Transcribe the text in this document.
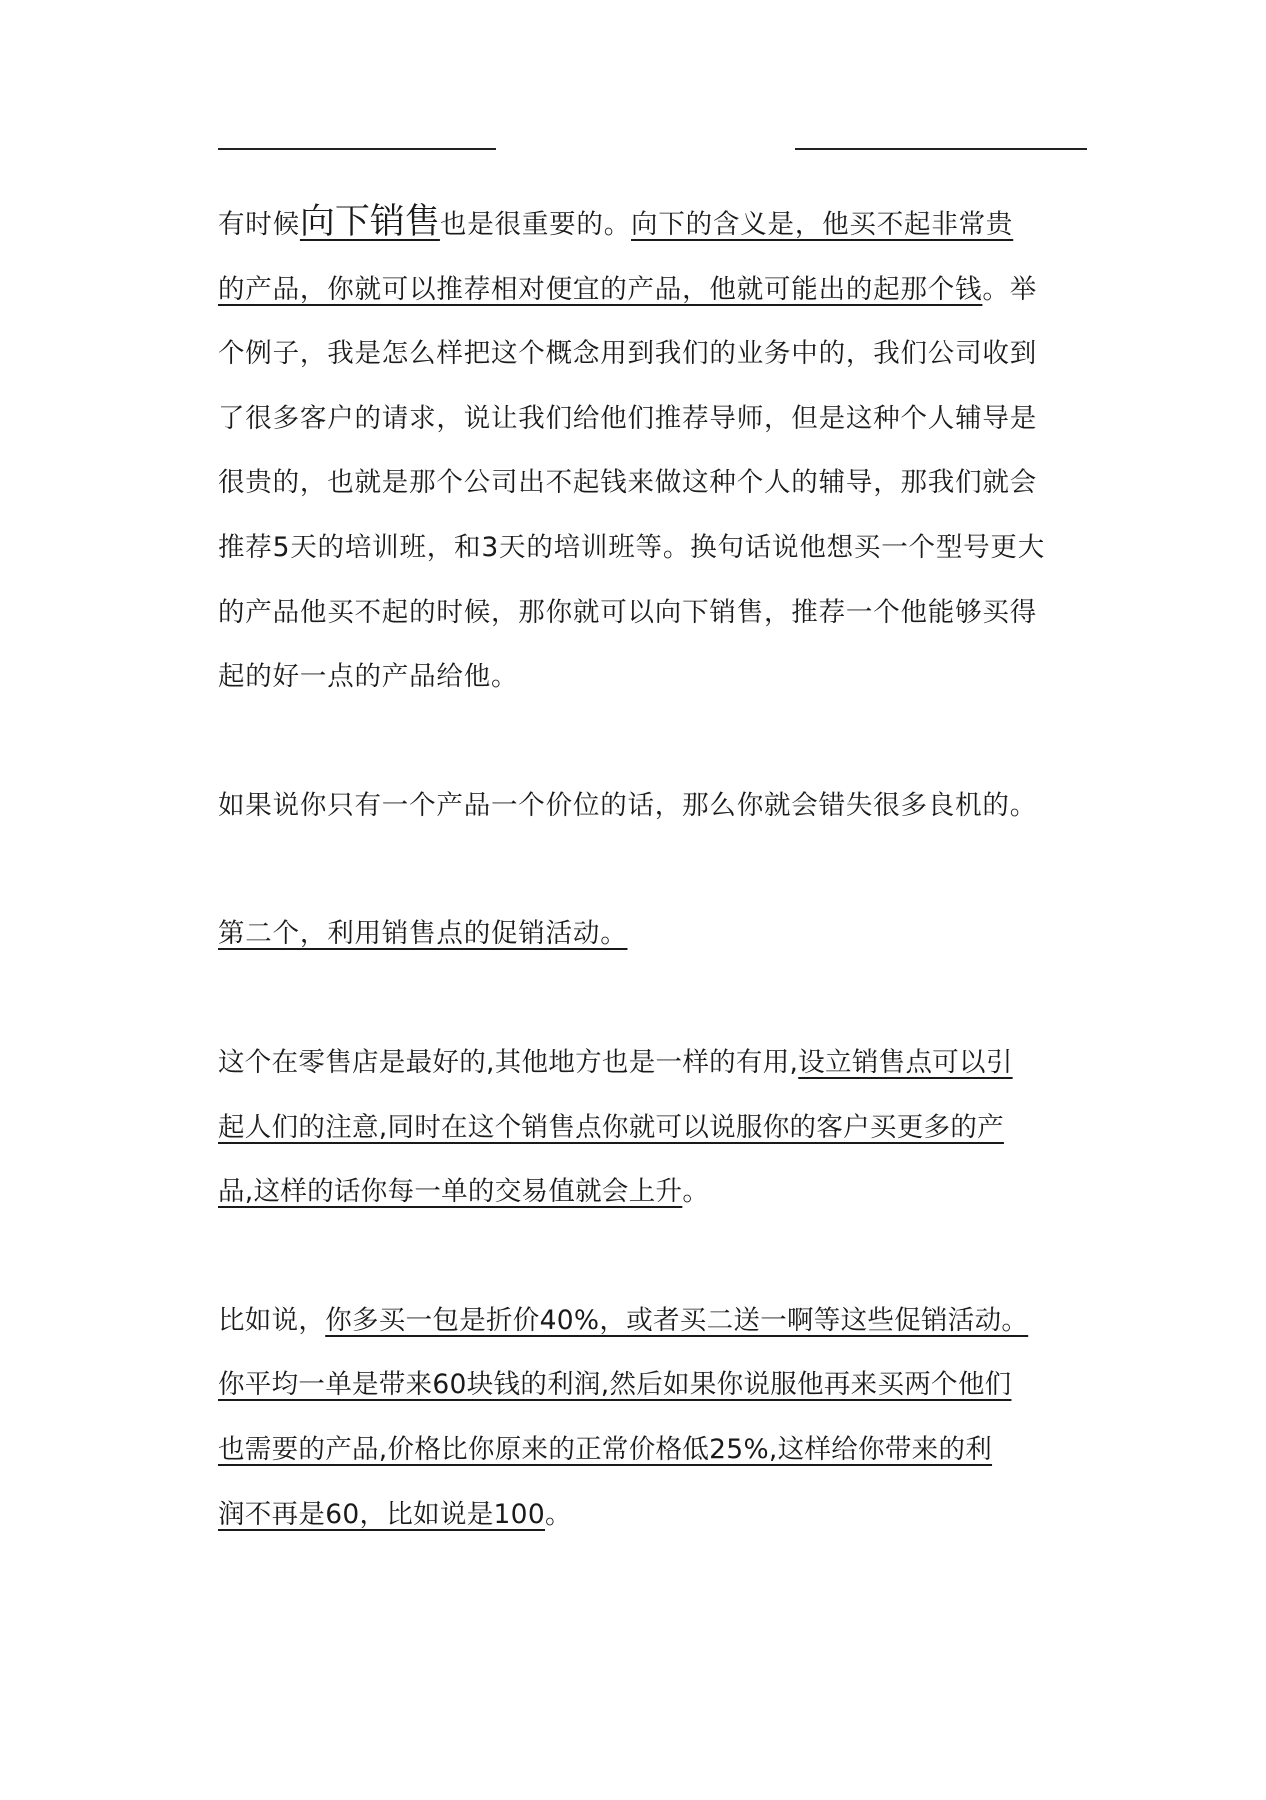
有时候向下销售也是很重要的。向下的含义是，他买不起非常贵
的产品，你就可以推荐相对便宜的产品，他就可能出的起那个钱。举
个例子，我是怎么样把这个概念用到我们的业务中的，我们公司收到
了很多客户的请求，说让我们给他们推荐导师，但是这种个人辅导是
很贵的，也就是那个公司出不起钱来做这种个人的辅导，那我们就会
推荐5天的培训班，和3天的培训班等。换句话说他想买一个型号更大
的产品他买不起的时候，那你就可以向下销售，推荐一个他能够买得
起的好一点的产品给他。

如果说你只有一个产品一个价位的话，那么你就会错失很多良机的。

第二个，利用销售点的促销活动。

这个在零售店是最好的,其他地方也是一样的有用,设立销售点可以引
起人们的注意,同时在这个销售点你就可以说服你的客户买更多的产
品,这样的话你每一单的交易值就会上升。

比如说，你多买一包是折价40%，或者买二送一啊等这些促销活动。
你平均一单是带来60块钱的利润,然后如果你说服他再来买两个他们
也需要的产品,价格比你原来的正常价格低25%,这样给你带来的利
润不再是60，比如说是100。
